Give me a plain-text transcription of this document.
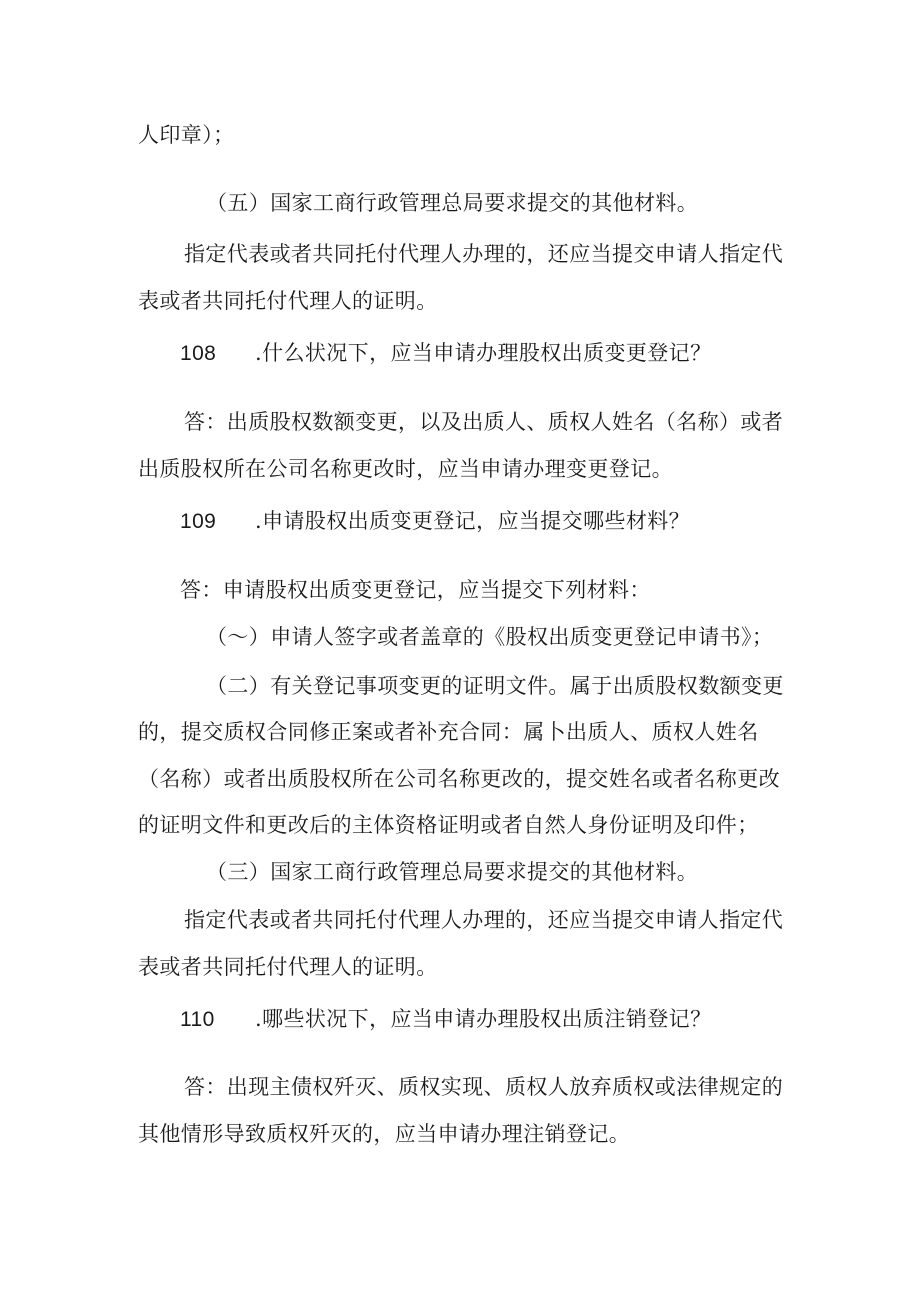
人印章）；
（五）国家工商行政管理总局要求提交的其他材料。
指定代表或者共同托付代理人办理的，还应当提交申请人指定代
表或者共同托付代理人的证明。
108 .什么状况下，应当申请办理股权出质变更登记？
答：出质股权数额变更，以及出质人、质权人姓名（名称）或者
出质股权所在公司名称更改时，应当申请办理变更登记。
109 .申请股权出质变更登记，应当提交哪些材料？
答：申请股权出质变更登记，应当提交下列材料：
（〜）申请人签字或者盖章的《股权出质变更登记申请书》；
（二）有关登记事项变更的证明文件。属于出质股权数额变更
的，提交质权合同修正案或者补充合同：属卜出质人、质权人姓名
（名称）或者出质股权所在公司名称更改的，提交姓名或者名称更改
的证明文件和更改后的主体资格证明或者自然人身份证明及印件；
（三）国家工商行政管理总局要求提交的其他材料。
指定代表或者共同托付代理人办理的，还应当提交申请人指定代
表或者共同托付代理人的证明。
110 .哪些状况下，应当申请办理股权出质注销登记？
答：出现主债权歼灭、质权实现、质权人放弃质权或法律规定的
其他情形导致质权歼灭的，应当申请办理注销登记。
